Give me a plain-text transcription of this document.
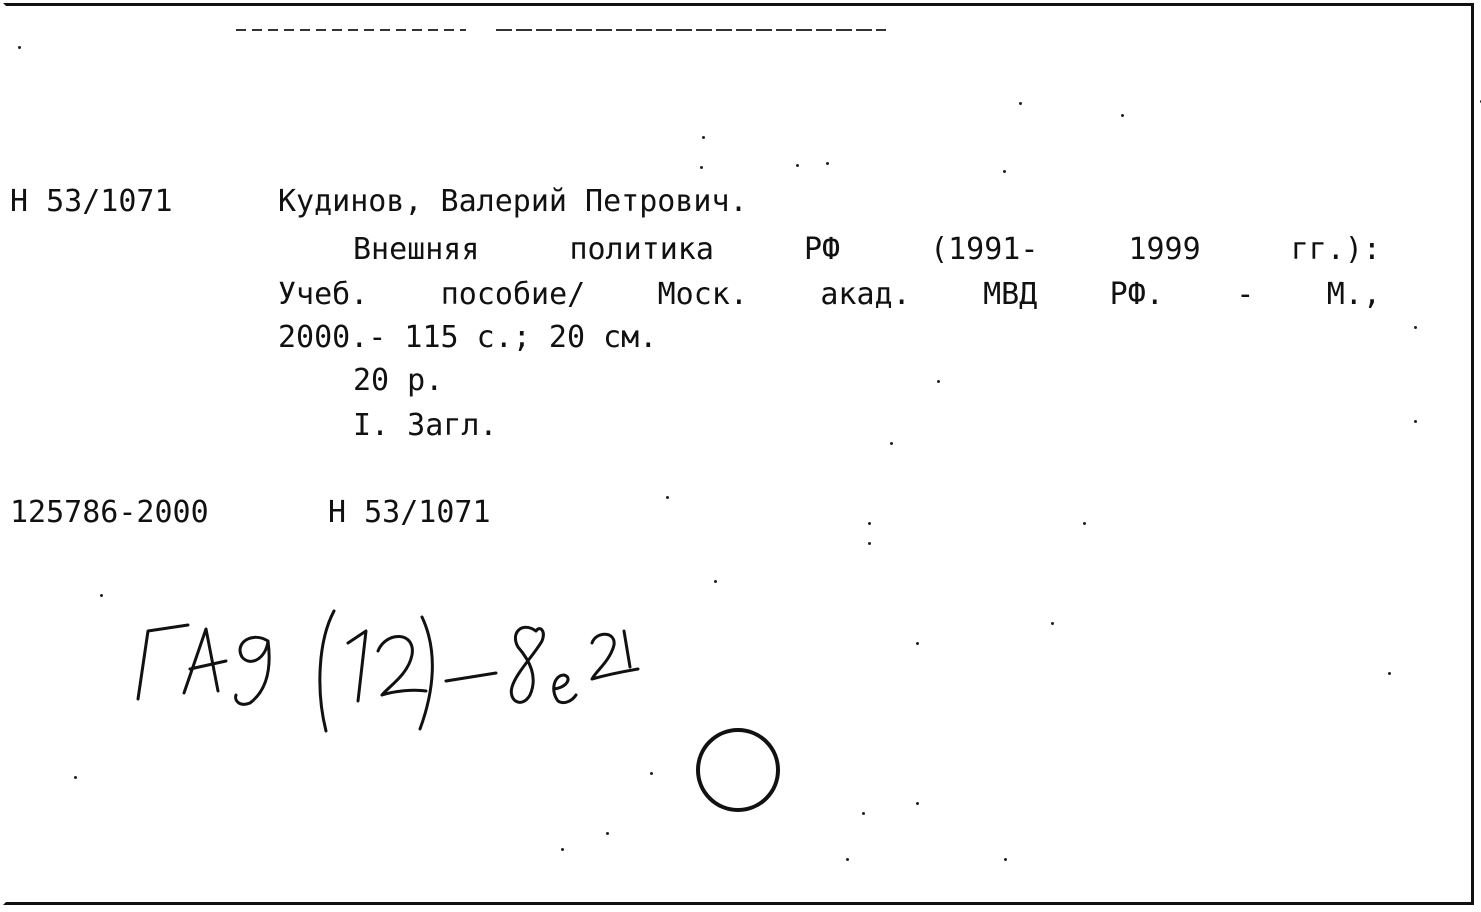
Н 53/1071	Кудинов, Валерий Петрович.
Внешняя	политика	РФ	(1991-	1999	гг.):
Учеб. пособие/ Моск. акад. МВД РФ. - М.,
2000.- 115 с.; 20 см.
20 р.
I. Загл.
125786-2000	Н 53/1071
